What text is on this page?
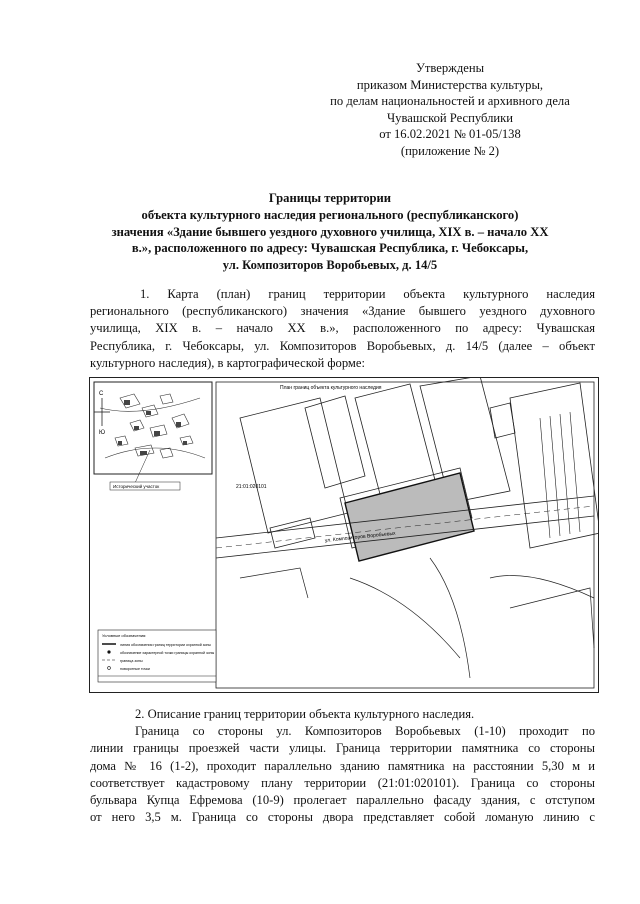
Утверждены
приказом Министерства культуры,
по делам национальностей и архивного дела
Чувашской Республики
от 16.02.2021 № 01-05/138
(приложение № 2)
Границы территории
объекта культурного наследия регионального (республиканского)
значения «Здание бывшего уездного духовного училища, XIX в. – начало XX
в.», расположенного по адресу: Чувашская Республика, г. Чебоксары,
ул. Композиторов Воробьевых, д. 14/5
1. Карта (план) границ территории объекта культурного наследия
регионального (республиканского) значения «Здание бывшего уездного духовного
училища, XIX в. – начало XX в.», расположенного по адресу: Чувашская
Республика, г. Чебоксары, ул. Композиторов Воробьевых, д. 14/5 (далее – объект
культурного наследия), в картографической форме:
С
Ю
Исторический участок
План границ объекта культурного наследия
ул. Композиторов Воробьевых
21:01:020101
Условные обозначения:
линия обозначения границ территории охранной зоны
обозначение характерной точки границы охранной зоны
граница зоны
поворотные точки
2. Описание границ территории объекта культурного наследия.
Граница со стороны ул. Композиторов Воробьевых (1-10) проходит по
линии границы проезжей части улицы. Граница территории памятника со стороны
дома № 16 (1-2), проходит параллельно зданию памятника на расстоянии 5,30 м и
соответствует кадастровому плану территории (21:01:020101). Граница со стороны
бульвара Купца Ефремова (10-9) пролегает параллельно фасаду здания, с отступом
от него 3,5 м. Граница со стороны двора представляет собой ломаную линию с
